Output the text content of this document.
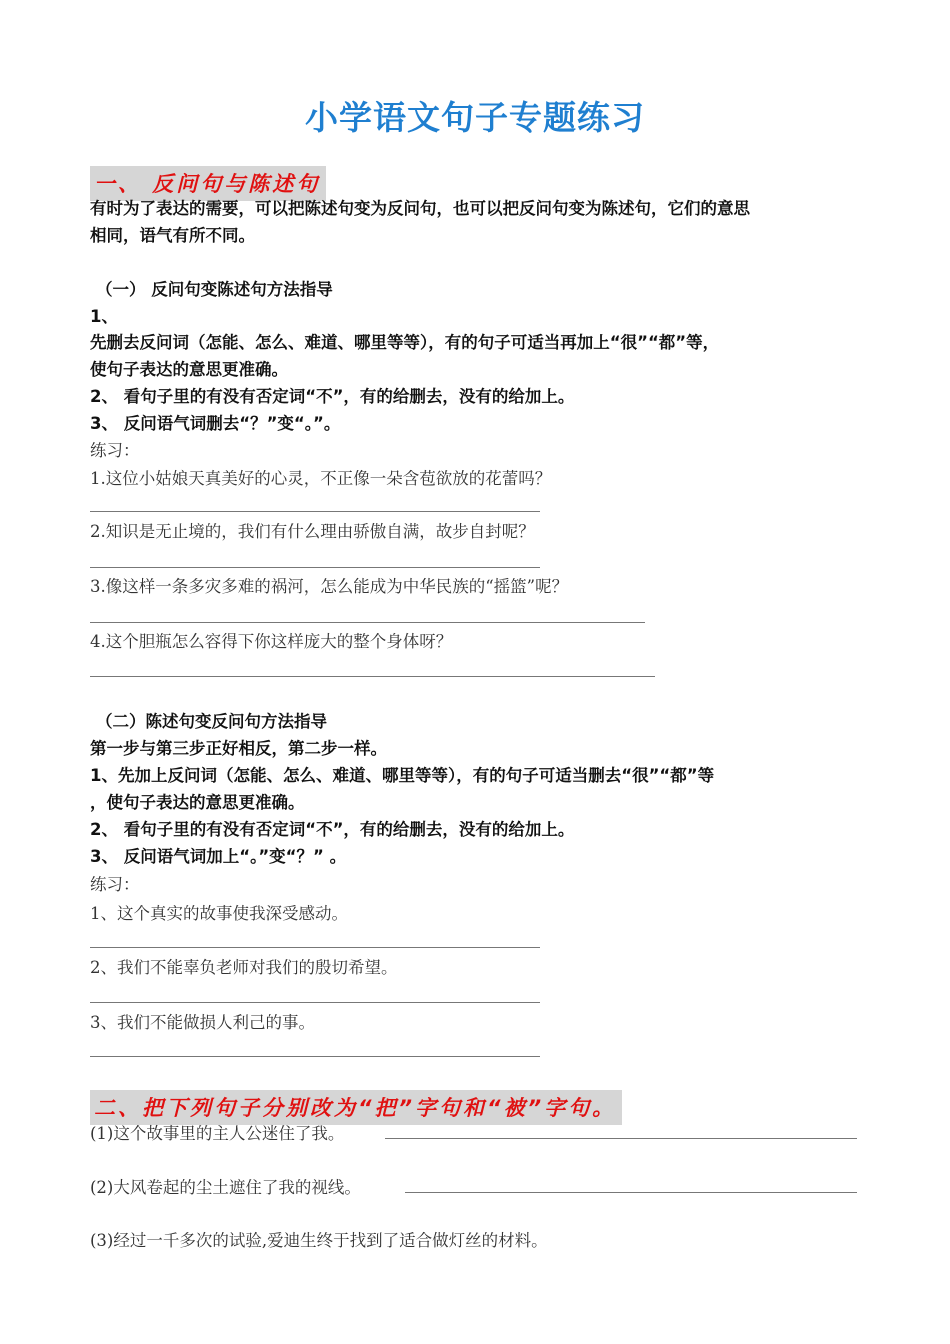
小学语文句子专题练习
一、 反问句与陈述句
有时为了表达的需要，可以把陈述句变为反问句，也可以把反问句变为陈述句，它们的意思
相同，语气有所不同。
（一） 反问句变陈述句方法指导
1、
先删去反问词（怎能、怎么、难道、哪里等等），有的句子可适当再加上“很”“都”等，
使句子表达的意思更准确。
2、 看句子里的有没有否定词“不”，有的给删去，没有的给加上。
3、 反问语气词删去“？”变“。”。
练习：
1.这位小姑娘天真美好的心灵，不正像一朵含苞欲放的花蕾吗？
2.知识是无止境的，我们有什么理由骄傲自满，故步自封呢？
3.像这样一条多灾多难的祸河，怎么能成为中华民族的“摇篮”呢？
4.这个胆瓶怎么容得下你这样庞大的整个身体呀？
（二）陈述句变反问句方法指导
第一步与第三步正好相反，第二步一样。
1、先加上反问词（怎能、怎么、难道、哪里等等），有的句子可适当删去“很”“都”等
，使句子表达的意思更准确。
2、 看句子里的有没有否定词“不”，有的给删去，没有的给加上。
3、 反问语气词加上“。”变“？” 。
练习：
1、这个真实的故事使我深受感动。
2、我们不能辜负老师对我们的殷切希望。
3、我们不能做损人利己的事。
二、把下列句子分别改为“把”字句和“被”字句。
(1)这个故事里的主人公迷住了我。
(2)大风卷起的尘土遮住了我的视线。
(3)经过一千多次的试验,爱迪生终于找到了适合做灯丝的材料。
